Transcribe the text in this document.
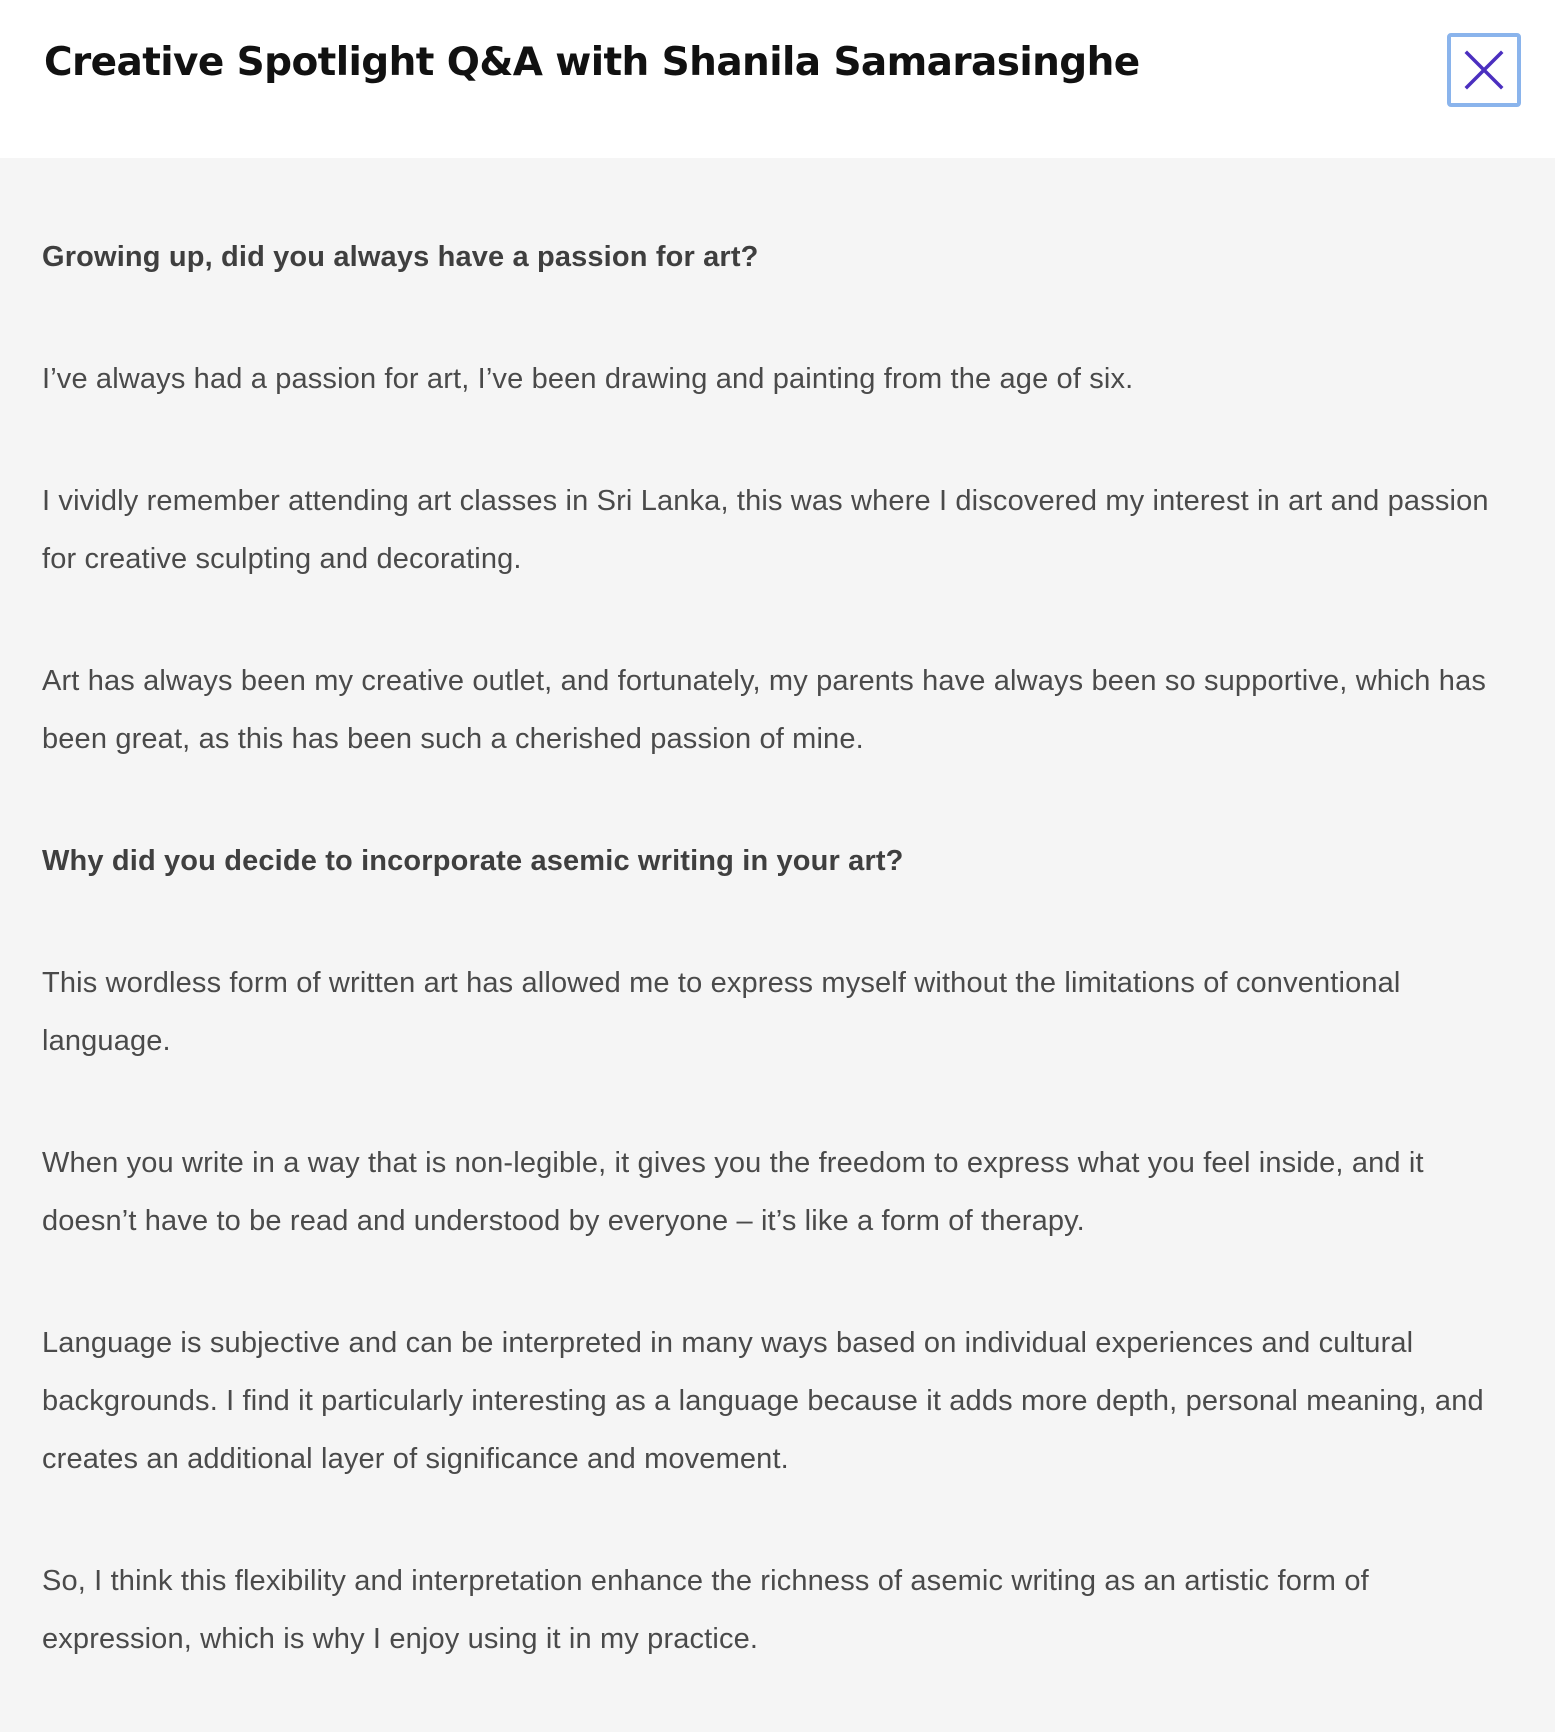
Creative Spotlight Q&A with Shanila Samarasinghe

Growing up, did you always have a passion for art?

I’ve always had a passion for art, I’ve been drawing and painting from the age of six.

I vividly remember attending art classes in Sri Lanka, this was where I discovered my interest in art and passion for creative sculpting and decorating.

Art has always been my creative outlet, and fortunately, my parents have always been so supportive, which has been great, as this has been such a cherished passion of mine.

Why did you decide to incorporate asemic writing in your art?

This wordless form of written art has allowed me to express myself without the limitations of conventional language.

When you write in a way that is non-legible, it gives you the freedom to express what you feel inside, and it doesn’t have to be read and understood by everyone – it’s like a form of therapy.

Language is subjective and can be interpreted in many ways based on individual experiences and cultural backgrounds. I find it particularly interesting as a language because it adds more depth, personal meaning, and creates an additional layer of significance and movement.

So, I think this flexibility and interpretation enhance the richness of asemic writing as an artistic form of expression, which is why I enjoy using it in my practice.
